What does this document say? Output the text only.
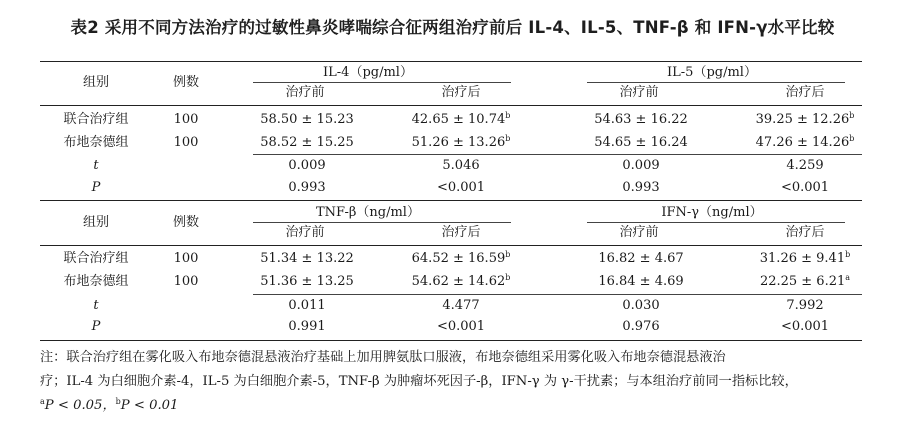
表2 采用不同方法治疗的过敏性鼻炎哮喘综合征两组治疗前后 IL-4、IL-5、TNF-β 和 IFN-γ水平比较
组别	例数
IL-4（pg/ml）	IL-5（pg/ml）
治疗前	治疗后	治疗前	治疗后
联合治疗组	100	58.50 ± 15.23	42.65 ± 10.74$^b$	54.63 ± 16.22	39.25 ± 12.26$^b$
布地奈德组	100	58.52 ± 15.25	51.26 ± 13.26$^b$	54.65 ± 16.24	47.26 ± 14.26$^b$
t	0.009	5.046	0.009	4.259
P	0.993	<0.001	0.993	<0.001
组别	例数
TNF-β（ng/ml）	IFN-γ（ng/ml）
治疗前	治疗后	治疗前	治疗后
联合治疗组	100	51.34 ± 13.22	64.52 ± 16.59$^b$	16.82 ± 4.67	31.26 ± 9.41$^b$
布地奈德组	100	51.36 ± 13.25	54.62 ± 14.62$^b$	16.84 ± 4.69	22.25 ± 6.21$^a$
t	0.011	4.477	0.030	7.992
P	0.991	<0.001	0.976	<0.001
注：联合治疗组在雾化吸入布地奈德混悬液治疗基础上加用脾氨肽口服液，布地奈德组采用雾化吸入布地奈德混悬液治
疗；IL-4 为白细胞介素-4，IL-5 为白细胞介素-5，TNF-β 为肿瘤坏死因子-β，IFN-γ 为 γ-干扰素；与本组治疗前同一指标比较，
$^a$P < 0.05，$^b$P < 0.01
